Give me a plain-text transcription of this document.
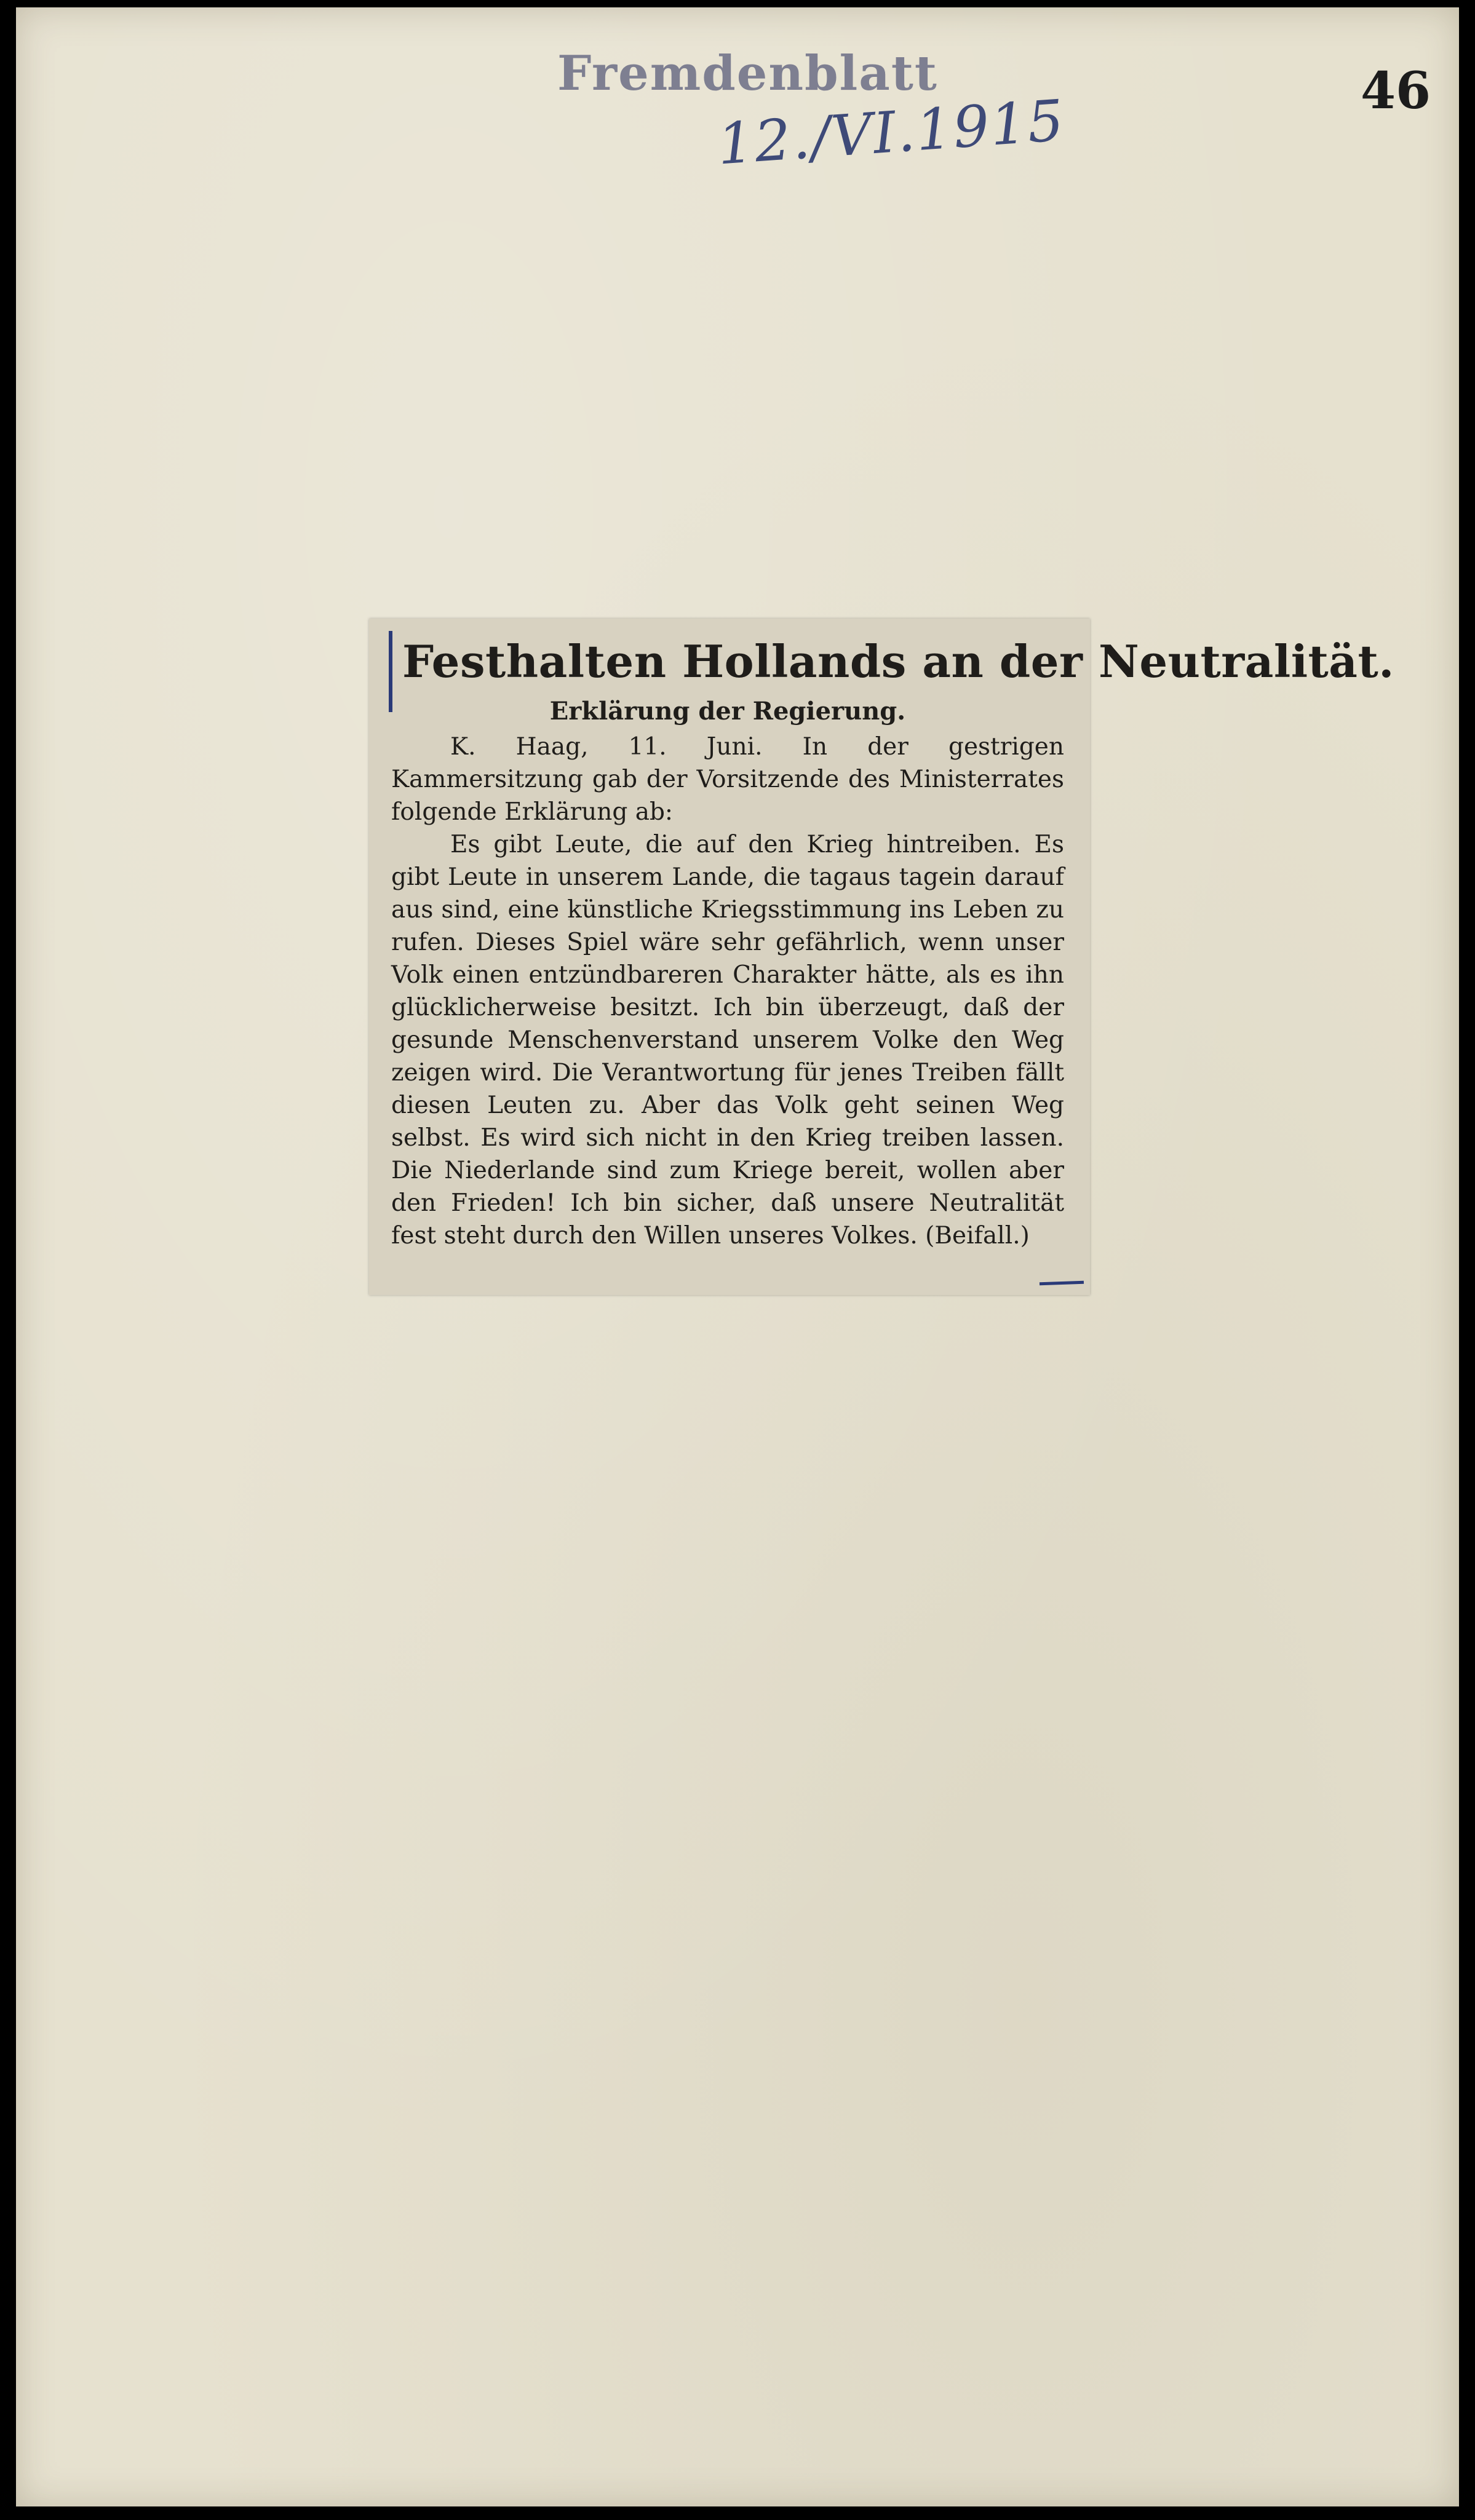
Fremdenblatt
12./VI.1915	46
Festhalten Hollands an der Neutralität.
Erklärung der Regierung.

K. Haag, 11. Juni. In der gestrigen Kammersitzung gab der Vorsitzende des Ministerrates folgende Erklärung ab:

Es gibt Leute, die auf den Krieg hintreiben. Es gibt Leute in unserem Lande, die tagaus tagein darauf aus sind, eine künstliche Kriegsstimmung ins Leben zu rufen. Dieses Spiel wäre sehr gefährlich, wenn unser Volk einen entzündbareren Charakter hätte, als es ihn glücklicherweise besitzt. Ich bin überzeugt, daß der gesunde Menschenverstand unserem Volke den Weg zeigen wird. Die Verantwortung für jenes Treiben fällt diesen Leuten zu. Aber das Volk geht seinen Weg selbst. Es wird sich nicht in den Krieg treiben lassen. Die Niederlande sind zum Kriege bereit, wollen aber den Frieden! Ich bin sicher, daß unsere Neutralität fest steht durch den Willen unseres Volkes. (Beifall.)
